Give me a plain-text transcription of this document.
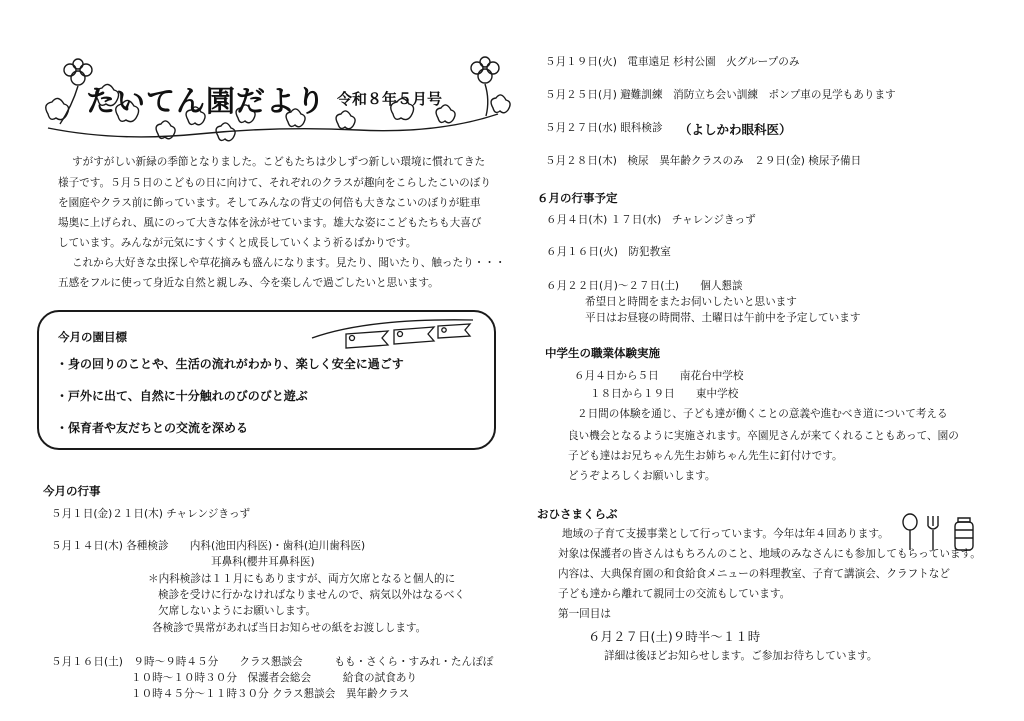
たいてん園だより 令和８年５月号
すがすがしい新緑の季節となりました。こどもたちは少しずつ新しい環境に慣れてきた
様子です。５月５日のこどもの日に向けて、それぞれのクラスが趣向をこらしたこいのぼり
を園庭やクラス前に飾っています。そしてみんなの背丈の何倍も大きなこいのぼりが駐車
場奥に上げられ、風にのって大きな体を泳がせています。雄大な姿にこどもたちも大喜び
しています。みんなが元気にすくすくと成長していくよう祈るばかりです。
これから大好きな虫探しや草花摘みも盛んになります。見たり、聞いたり、触ったり・・・
五感をフルに使って身近な自然と親しみ、今を楽しんで過ごしたいと思います。
今月の園目標
・身の回りのことや、生活の流れがわかり、楽しく安全に過ごす
・戸外に出て、自然に十分触れのびのびと遊ぶ
・保育者や友だちとの交流を深める
今月の行事
５月１日(金)２１日(木) チャレンジきっず
５月１４日(木) 各種検診　　内科(池田内科医)・歯科(迫川歯科医)
耳鼻科(櫻井耳鼻科医)
＊内科検診は１１月にもありますが、両方欠席となると個人的に
検診を受けに行かなければなりませんので、病気以外はなるべく
欠席しないようにお願いします。
各検診で異常があれば当日お知らせの紙をお渡しします。
５月１６日(土)　９時～９時４５分　　クラス懇談会　　　もも・さくら・すみれ・たんぽぽ
１０時～１０時３０分　保護者会総会　　　給食の試食あり
１０時４５分～１１時３０分 クラス懇談会　異年齢クラス
５月１９日(火)　電車遠足 杉村公園　火グループのみ
５月２５日(月) 避難訓練　消防立ち会い訓練　ポンプ車の見学もあります
５月２７日(水) 眼科検診 （よしかわ眼科医）
５月２８日(木)　検尿　異年齢クラスのみ　２９日(金) 検尿予備日
６月の行事予定
６月４日(木) １７日(水)　チャレンジきっず
６月１６日(火)　防犯教室
６月２２日(月)～２７日(土)　　個人懇談
希望日と時間をまたお伺いしたいと思います
平日はお昼寝の時間帯、土曜日は午前中を予定しています
中学生の職業体験実施
６月４日から５日　　南花台中学校
１８日から１９日　　東中学校
２日間の体験を通じ、子ども達が働くことの意義や進むべき道について考える
良い機会となるように実施されます。卒園児さんが来てくれることもあって、園の
子ども達はお兄ちゃん先生お姉ちゃん先生に釘付けです。
どうぞよろしくお願いします。
おひさまくらぶ
地域の子育て支援事業として行っています。今年は年４回あります。
対象は保護者の皆さんはもちろんのこと、地域のみなさんにも参加してもらっています。
内容は、大典保育園の和食給食メニューの料理教室、子育て講演会、クラフトなど
子ども達から離れて親同士の交流もしています。
第一回目は
６月２７日(土)９時半～１１時
詳細は後ほどお知らせします。ご参加お待ちしています。
